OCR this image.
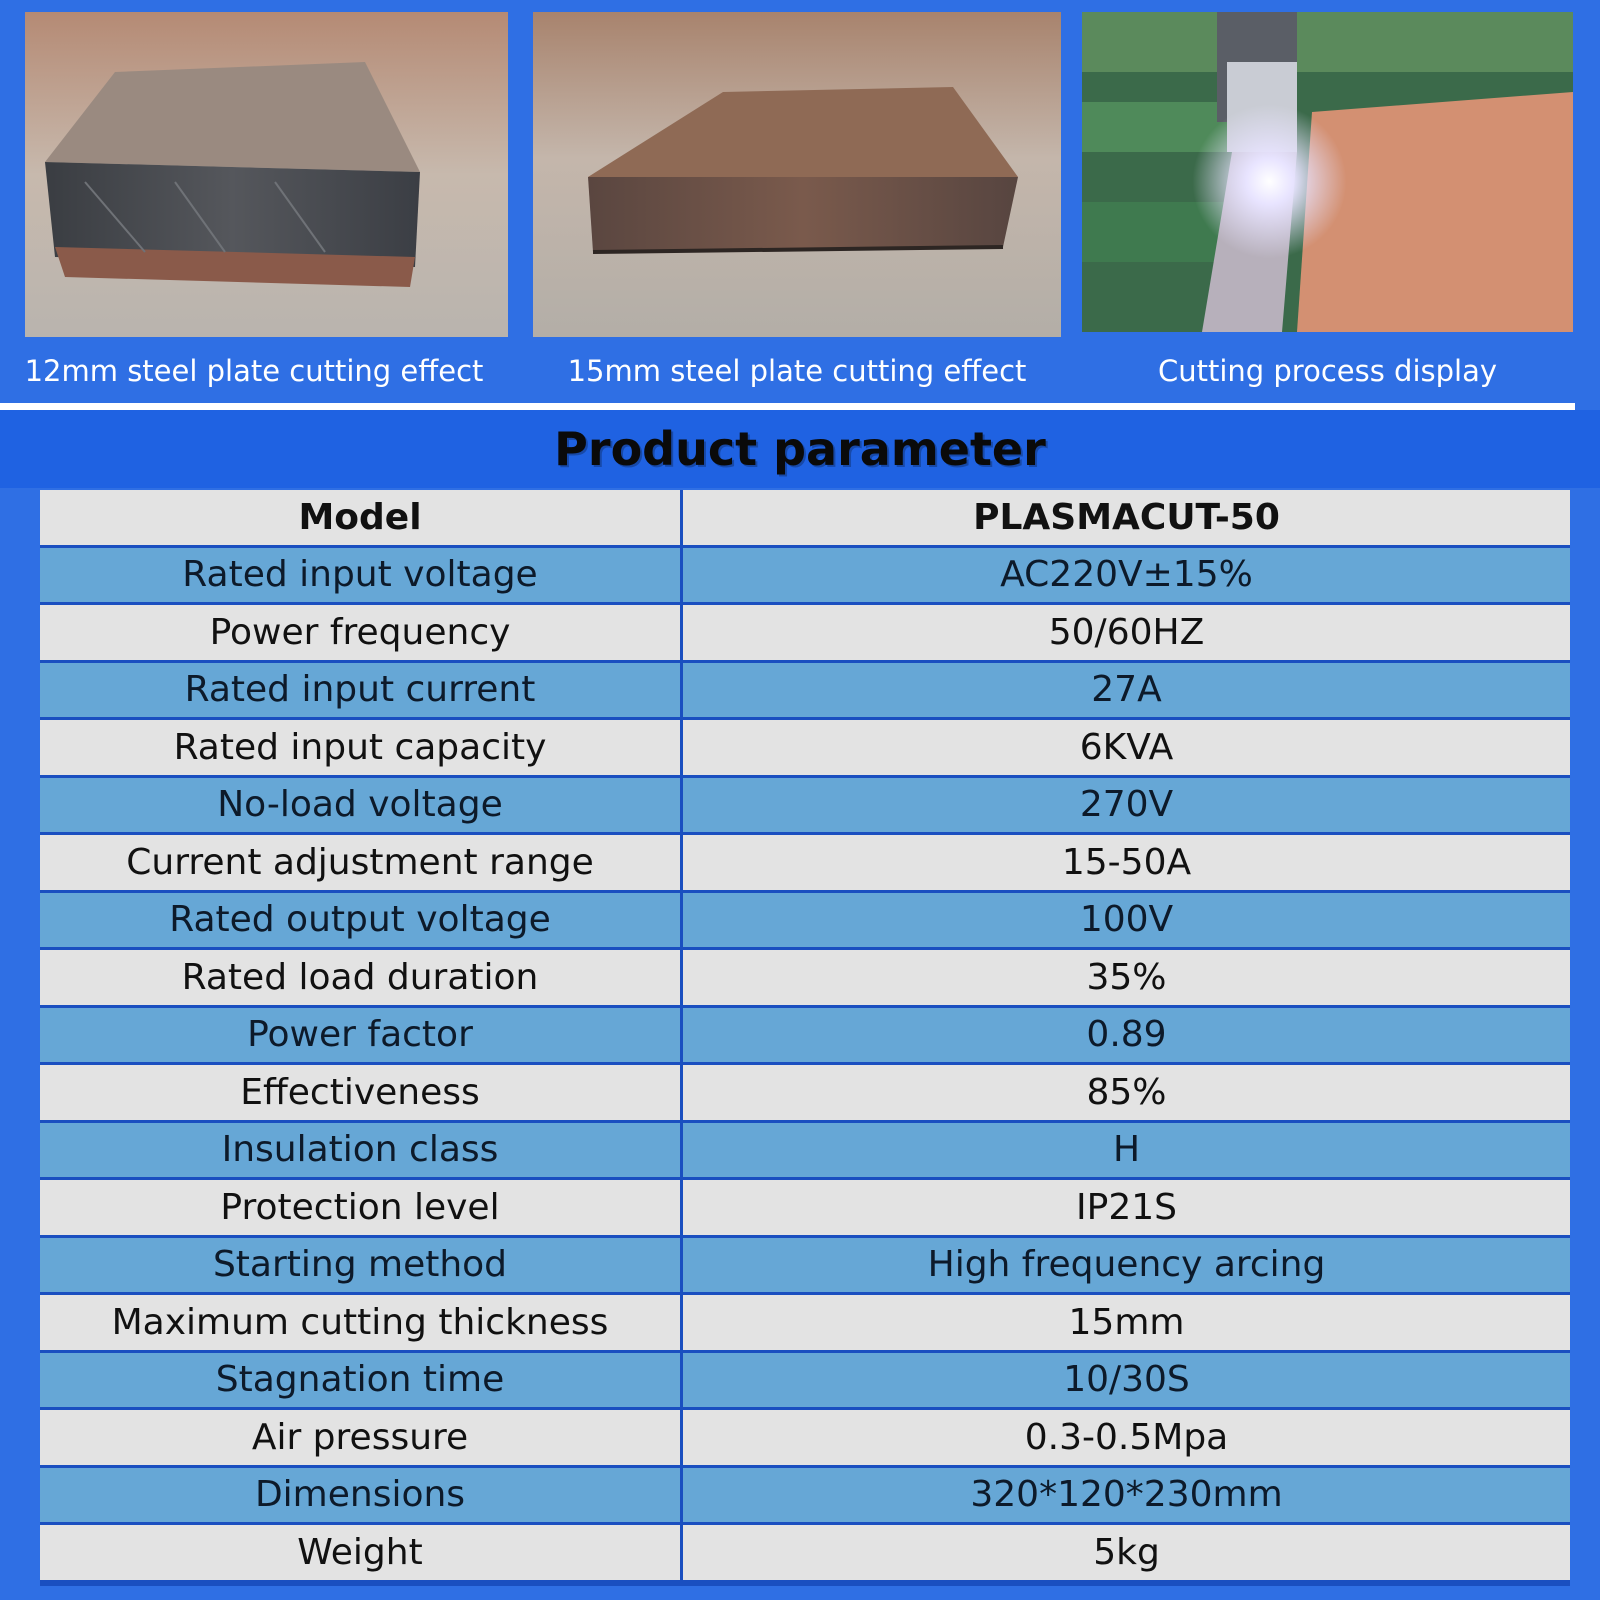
12mm steel plate cutting effect	15mm steel plate cutting effect	Cutting process display
Product parameter
Model	PLASMACUT-50
Rated input voltage	AC220V±15%
Power frequency	50/60HZ
Rated input current	27A
Rated input capacity	6KVA
No-load voltage	270V
Current adjustment range	15-50A
Rated output voltage	100V
Rated load duration	35%
Power factor	0.89
Effectiveness	85%
Insulation class	H
Protection level	IP21S
Starting method	High frequency arcing
Maximum cutting thickness	15mm
Stagnation time	10/30S
Air pressure	0.3-0.5Mpa
Dimensions	320*120*230mm
Weight	5kg
